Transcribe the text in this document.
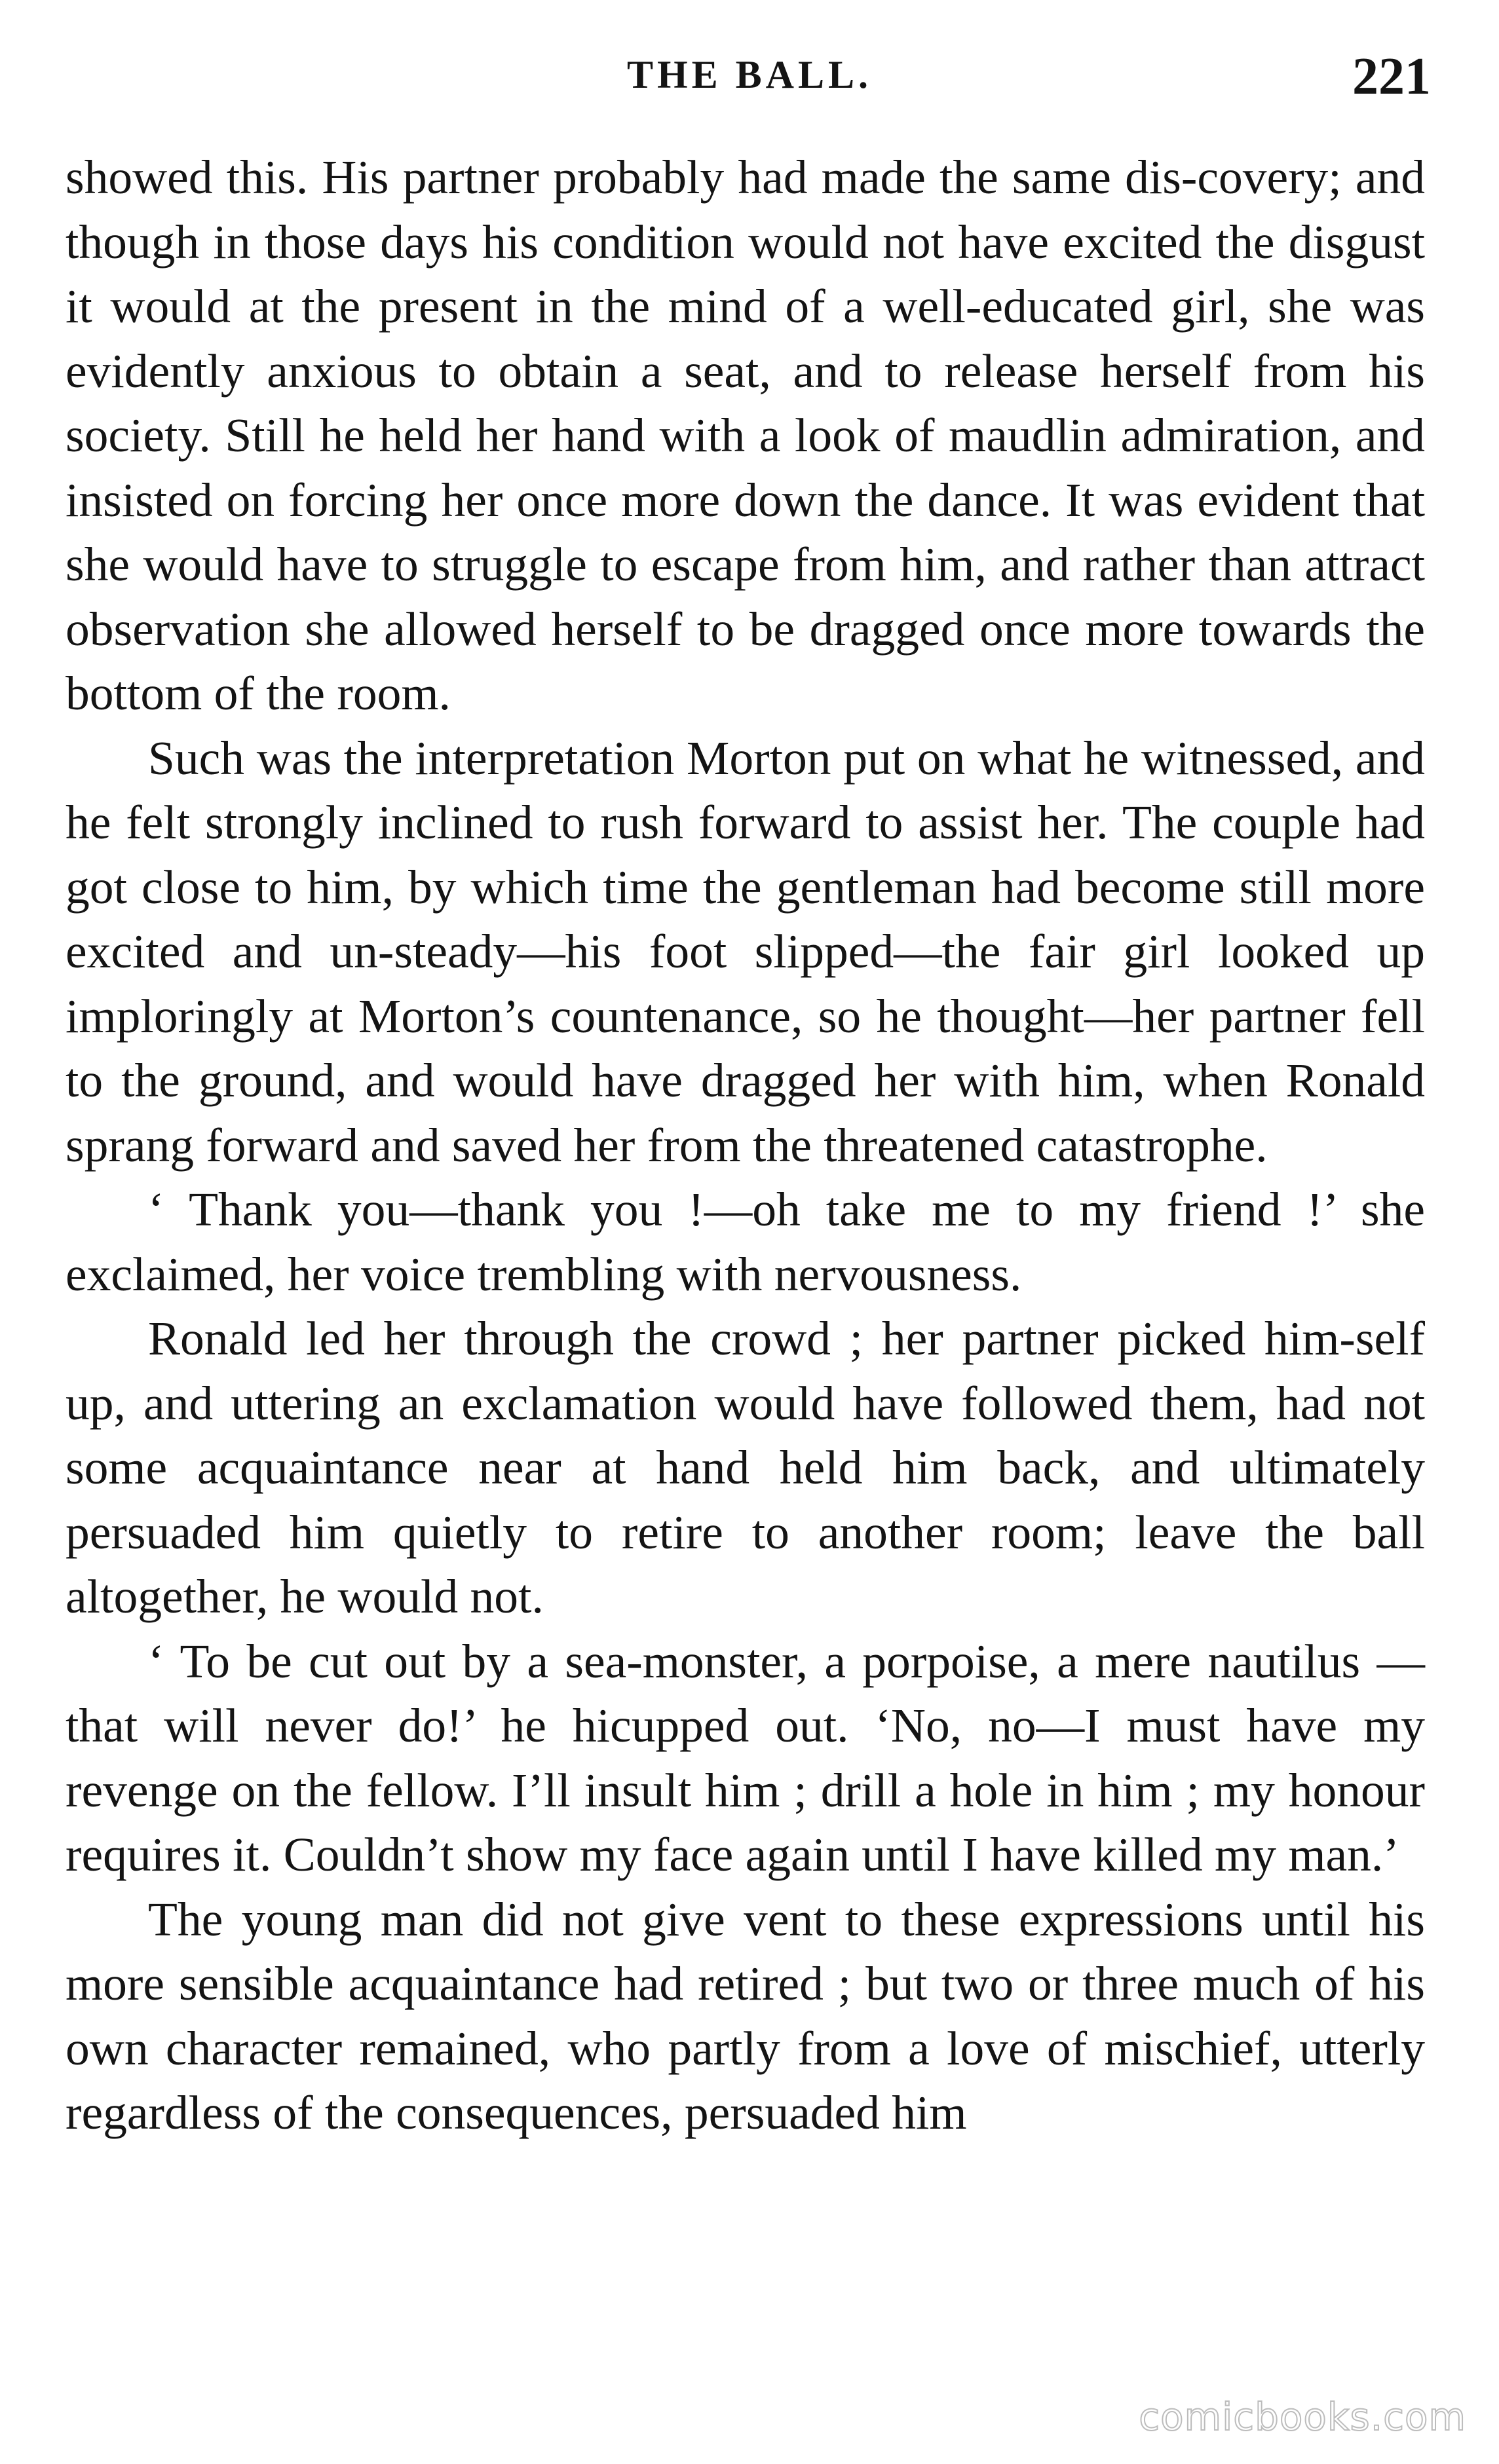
THE BALL.	221

showed this. His partner probably had made the same dis-covery; and though in those days his condition would not have excited the disgust it would at the present in the mind of a well-educated girl, she was evidently anxious to obtain a seat, and to release herself from his society. Still he held her hand with a look of maudlin admiration, and insisted on forcing her once more down the dance. It was evident that she would have to struggle to escape from him, and rather than attract observation she allowed herself to be dragged once more towards the bottom of the room.

Such was the interpretation Morton put on what he witnessed, and he felt strongly inclined to rush forward to assist her. The couple had got close to him, by which time the gentleman had become still more excited and un-steady—his foot slipped—the fair girl looked up imploringly at Morton’s countenance, so he thought—her partner fell to the ground, and would have dragged her with him, when Ronald sprang forward and saved her from the threatened catastrophe.

‘ Thank you—thank you !—oh take me to my friend !’ she exclaimed, her voice trembling with nervousness.

Ronald led her through the crowd ; her partner picked him-self up, and uttering an exclamation would have followed them, had not some acquaintance near at hand held him back, and ultimately persuaded him quietly to retire to another room; leave the ball altogether, he would not.

‘ To be cut out by a sea-monster, a porpoise, a mere nautilus —that will never do!’ he hicupped out. ‘No, no—I must have my revenge on the fellow. I’ll insult him ; drill a hole in him ; my honour requires it. Couldn’t show my face again until I have killed my man.’

The young man did not give vent to these expressions until his more sensible acquaintance had retired ; but two or three much of his own character remained, who partly from a love of mischief, utterly regardless of the consequences, persuaded him

comicbooks.com
